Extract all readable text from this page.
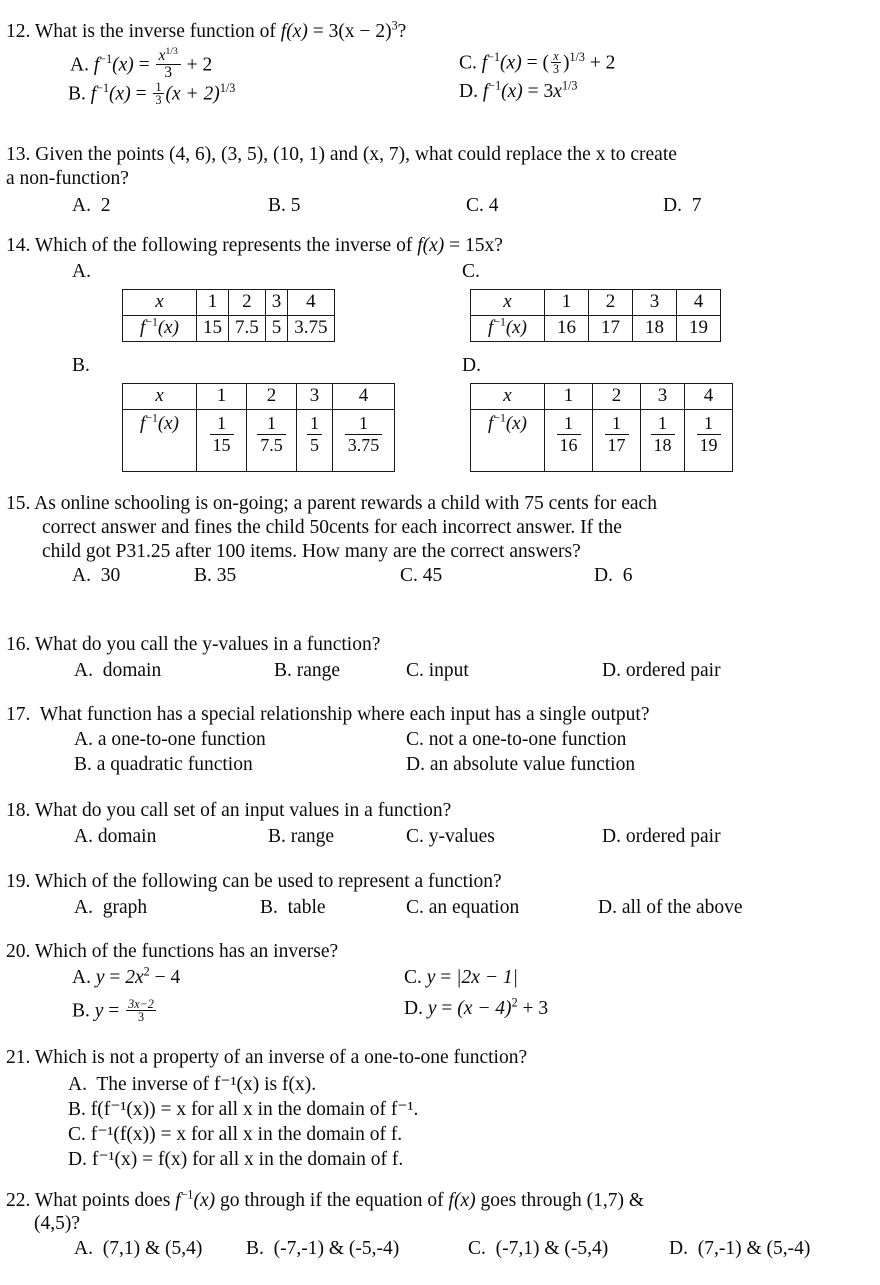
12. What is the inverse function of $f(x) = 3(x - 2)^3$?
A. $f^{-1}(x) = \frac{x^{1/3}}{3} + 2$
B. $f^{-1}(x) = \frac{1}{3} (x + 2)^{1/3}$
C. $f^{-1}(x)$ = ( $\frac{x}{3} )^{1/3} + 2$
D. $f^{-1}(x) = 3x^{1/3}$
13. Given the points (4, 6), (3, 5), (10, 1) and (x, 7), what could replace the x to create
a non-function?
A. 2	B. 5	C. 4	D. 7
14. Which of the following represents the inverse of f(x) = 15x?
A.
B.
C.
D.
x	1	2	3	4
$f^{-1}(x)$	15	7.5	5	3.75
x	1	2	3	4
$f^{-1}(x)$	16	17	18	19
x	1	2	3	4
$f^{-1}(x)$	$\frac{1}{15}$	$\frac{1}{7.5}$	$\frac{1}{5}$	$\frac{1}{3.75}$
x	1	2	3	4
$f^{-1}(x)$	$\frac{1}{16}$	$\frac{1}{17}$	$\frac{1}{18}$	$\frac{1}{19}$
15. As online schooling is on-going; a parent rewards a child with 75 cents for each
correct answer and fines the child 50cents for each incorrect answer. If the
child got P31.25 after 100 items. How many are the correct answers?
A. 30	B. 35	C. 45	D. 6
16. What do you call the y-values in a function?
A. domain	B. range	C. input	D. ordered pair
17. What function has a special relationship where each input has a single output?
A. a one-to-one function
B. a quadratic function
C. not a one-to-one function
D. an absolute value function
18. What do you call set of an input values in a function?
A. domain	B. range	C. y-values	D. ordered pair
19. Which of the following can be used to represent a function?
A. graph	B. table	C. an equation	D. all of the above
20. Which of the functions has an inverse?
A. $y = 2x^2 - 4$
B. $y = \frac{3x-2}{3}$
C. y = |2x − 1|
D. $y = (x - 4)^2 + 3$
21. Which is not a property of an inverse of a one-to-one function?
A. The inverse of f⁻¹(x) is f(x).
B. f(f⁻¹(x)) = x for all x in the domain of f⁻¹.
C. f⁻¹(f(x)) = x for all x in the domain of f.
D. f⁻¹(x) = f(x) for all x in the domain of f.
22. What points does $f^{-1}(x)$ go through if the equation of f(x) goes through (1,7) &
(4,5)?
A. (7,1) & (5,4) B. (-7,-1) & (-5,-4)	C. (-7,1) & (-5,4)	D. (7,-1) & (5,-4)
